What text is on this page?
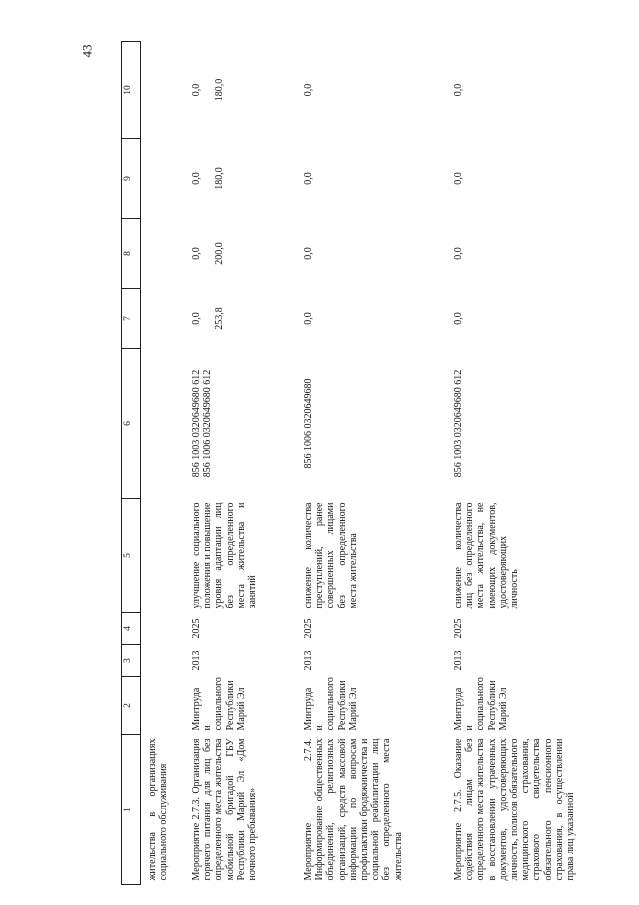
43
1	2	3	4	5	6	7	8	9	10
жительства в организациях социального обслуживания									
Мероприятие 2.7.3. Организация горячего питания для лиц без определенного места жительства мобильной бригадой ГБУ Республики Марий Эл «Дом ночного пребывания»	Минтруда и социального Республики Марий Эл	2013	2025	улучшение социального положения и повышение уровня адаптации лиц без определенного места жительства и занятий	856 1003 0320649680 612 856 1006 0320649680 612	0,0 253,8	0,0 200,0	0,0 180,0	0,0 180,0

Мероприятие 2.7.4. Информирование общественных объединений, религиозных организаций, средств массовой информации по вопросам профилактики бродяжничества и социальной реабилитации лиц без определенного места жительства	Минтруда и социального Республики Марий Эл	2013	2025	снижение количества преступлений, ранее совершенных лицами без определенного места жительства	856 1006 0320649680	0,0	0,0	0,0	0,0
Мероприятие 2.7.5. Оказание содействия лицам без определенного места жительства в восстановлении утраченных документов, удостоверяющих личность, полисов обязательного медицинского страхования, страхового свидетельства обязательного пенсионного страхования, в осуществлении права лиц указанной	Минтруда и социального Республики Марий Эл	2013	2025	снижение количества лиц без определенного места жительства, не имеющих документов, удостоверяющих личность	856 1003 0320649680 612	0,0	0,0	0,0	0,0
